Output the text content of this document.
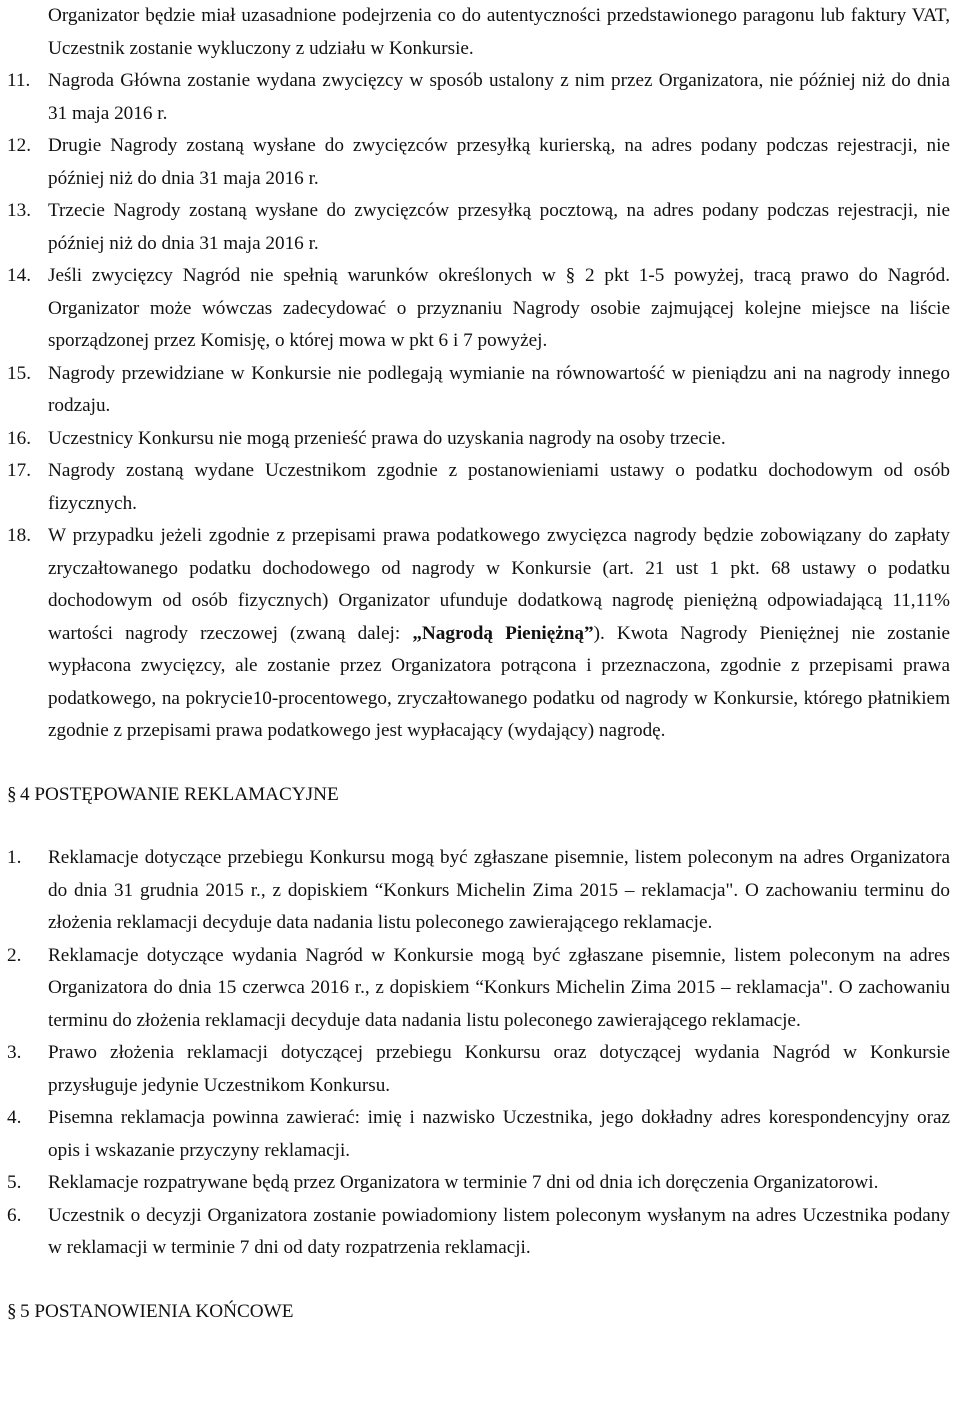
Organizator będzie miał uzasadnione podejrzenia co do autentyczności przedstawionego paragonu lub faktury VAT, Uczestnik zostanie wykluczony z udziału w Konkursie.

11. Nagroda Główna zostanie wydana zwycięzcy w sposób ustalony z nim przez Organizatora, nie później niż do dnia 31 maja 2016 r.

12. Drugie Nagrody zostaną wysłane do zwycięzców przesyłką kurierską, na adres podany podczas rejestracji, nie później niż do dnia 31 maja 2016 r.

13. Trzecie Nagrody zostaną wysłane do zwycięzców przesyłką pocztową, na adres podany podczas rejestracji, nie później niż do dnia 31 maja 2016 r.

14. Jeśli zwycięzcy Nagród nie spełnią warunków określonych w § 2 pkt 1-5 powyżej, tracą prawo do Nagród. Organizator może wówczas zadecydować o przyznaniu Nagrody osobie zajmującej kolejne miejsce na liście sporządzonej przez Komisję, o której mowa w pkt 6 i 7 powyżej.

15. Nagrody przewidziane w Konkursie nie podlegają wymianie na równowartość w pieniądzu ani na nagrody innego rodzaju.

16. Uczestnicy Konkursu nie mogą przenieść prawa do uzyskania nagrody na osoby trzecie.

17. Nagrody zostaną wydane Uczestnikom zgodnie z postanowieniami ustawy o podatku dochodowym od osób fizycznych.

18. W przypadku jeżeli zgodnie z przepisami prawa podatkowego zwycięzca nagrody będzie zobowiązany do zapłaty zryczałtowanego podatku dochodowego od nagrody w Konkursie (art. 21 ust 1 pkt. 68 ustawy o podatku dochodowym od osób fizycznych) Organizator ufunduje dodatkową nagrodę pieniężną odpowiadającą 11,11% wartości nagrody rzeczowej (zwaną dalej: „Nagrodą Pieniężną”). Kwota Nagrody Pieniężnej nie zostanie wypłacona zwycięzcy, ale zostanie przez Organizatora potrącona i przeznaczona, zgodnie z przepisami prawa podatkowego, na pokrycie10-procentowego, zryczałtowanego podatku od nagrody w Konkursie, którego płatnikiem zgodnie z przepisami prawa podatkowego jest wypłacający (wydający) nagrodę.

§ 4 POSTĘPOWANIE REKLAMACYJNE

1. Reklamacje dotyczące przebiegu Konkursu mogą być zgłaszane pisemnie, listem poleconym na adres Organizatora do dnia 31 grudnia 2015 r., z dopiskiem “Konkurs Michelin Zima 2015 – reklamacja". O zachowaniu terminu do złożenia reklamacji decyduje data nadania listu poleconego zawierającego reklamacje.

2. Reklamacje dotyczące wydania Nagród w Konkursie mogą być zgłaszane pisemnie, listem poleconym na adres Organizatora do dnia 15 czerwca 2016 r., z dopiskiem “Konkurs Michelin Zima 2015 – reklamacja". O zachowaniu terminu do złożenia reklamacji decyduje data nadania listu poleconego zawierającego reklamacje.

3. Prawo złożenia reklamacji dotyczącej przebiegu Konkursu oraz dotyczącej wydania Nagród w Konkursie przysługuje jedynie Uczestnikom Konkursu.

4. Pisemna reklamacja powinna zawierać: imię i nazwisko Uczestnika, jego dokładny adres korespondencyjny oraz opis i wskazanie przyczyny reklamacji.

5. Reklamacje rozpatrywane będą przez Organizatora w terminie 7 dni od dnia ich doręczenia Organizatorowi.

6. Uczestnik o decyzji Organizatora zostanie powiadomiony listem poleconym wysłanym na adres Uczestnika podany w reklamacji w terminie 7 dni od daty rozpatrzenia reklamacji.

§ 5 POSTANOWIENIA KOŃCOWE
